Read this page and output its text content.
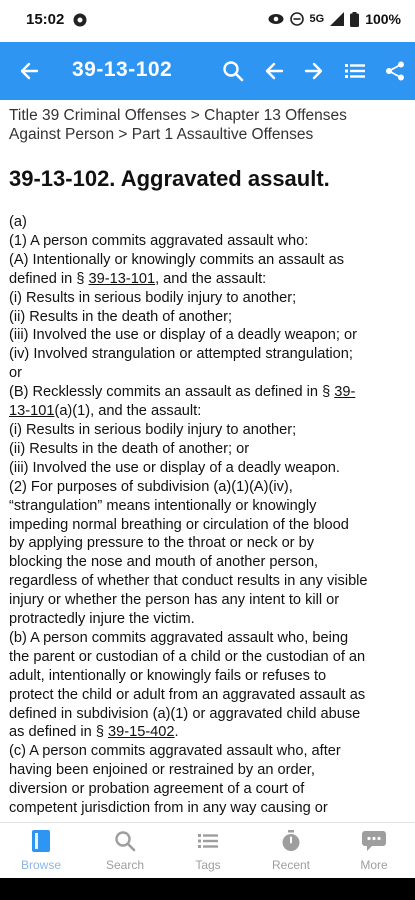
15:02	5G	100%
39-13-102
Title 39 Criminal Offenses > Chapter 13 Offenses Against Person > Part 1 Assaultive Offenses
39-13-102. Aggravated assault.
(a)
(1) A person commits aggravated assault who:
(A) Intentionally or knowingly commits an assault as
defined in § 39-13-101, and the assault:
(i) Results in serious bodily injury to another;
(ii) Results in the death of another;
(iii) Involved the use or display of a deadly weapon; or
(iv) Involved strangulation or attempted strangulation;
or
(B) Recklessly commits an assault as defined in § 39-
13-101(a)(1), and the assault:
(i) Results in serious bodily injury to another;
(ii) Results in the death of another; or
(iii) Involved the use or display of a deadly weapon.
(2) For purposes of subdivision (a)(1)(A)(iv),
“strangulation” means intentionally or knowingly
impeding normal breathing or circulation of the blood
by applying pressure to the throat or neck or by
blocking the nose and mouth of another person,
regardless of whether that conduct results in any visible
injury or whether the person has any intent to kill or
protractedly injure the victim.
(b) A person commits aggravated assault who, being
the parent or custodian of a child or the custodian of an
adult, intentionally or knowingly fails or refuses to
protect the child or adult from an aggravated assault as
defined in subdivision (a)(1) or aggravated child abuse
as defined in § 39-15-402.
(c) A person commits aggravated assault who, after
having been enjoined or restrained by an order,
diversion or probation agreement of a court of
competent jurisdiction from in any way causing or
Browse	Search	Tags	Recent	More
